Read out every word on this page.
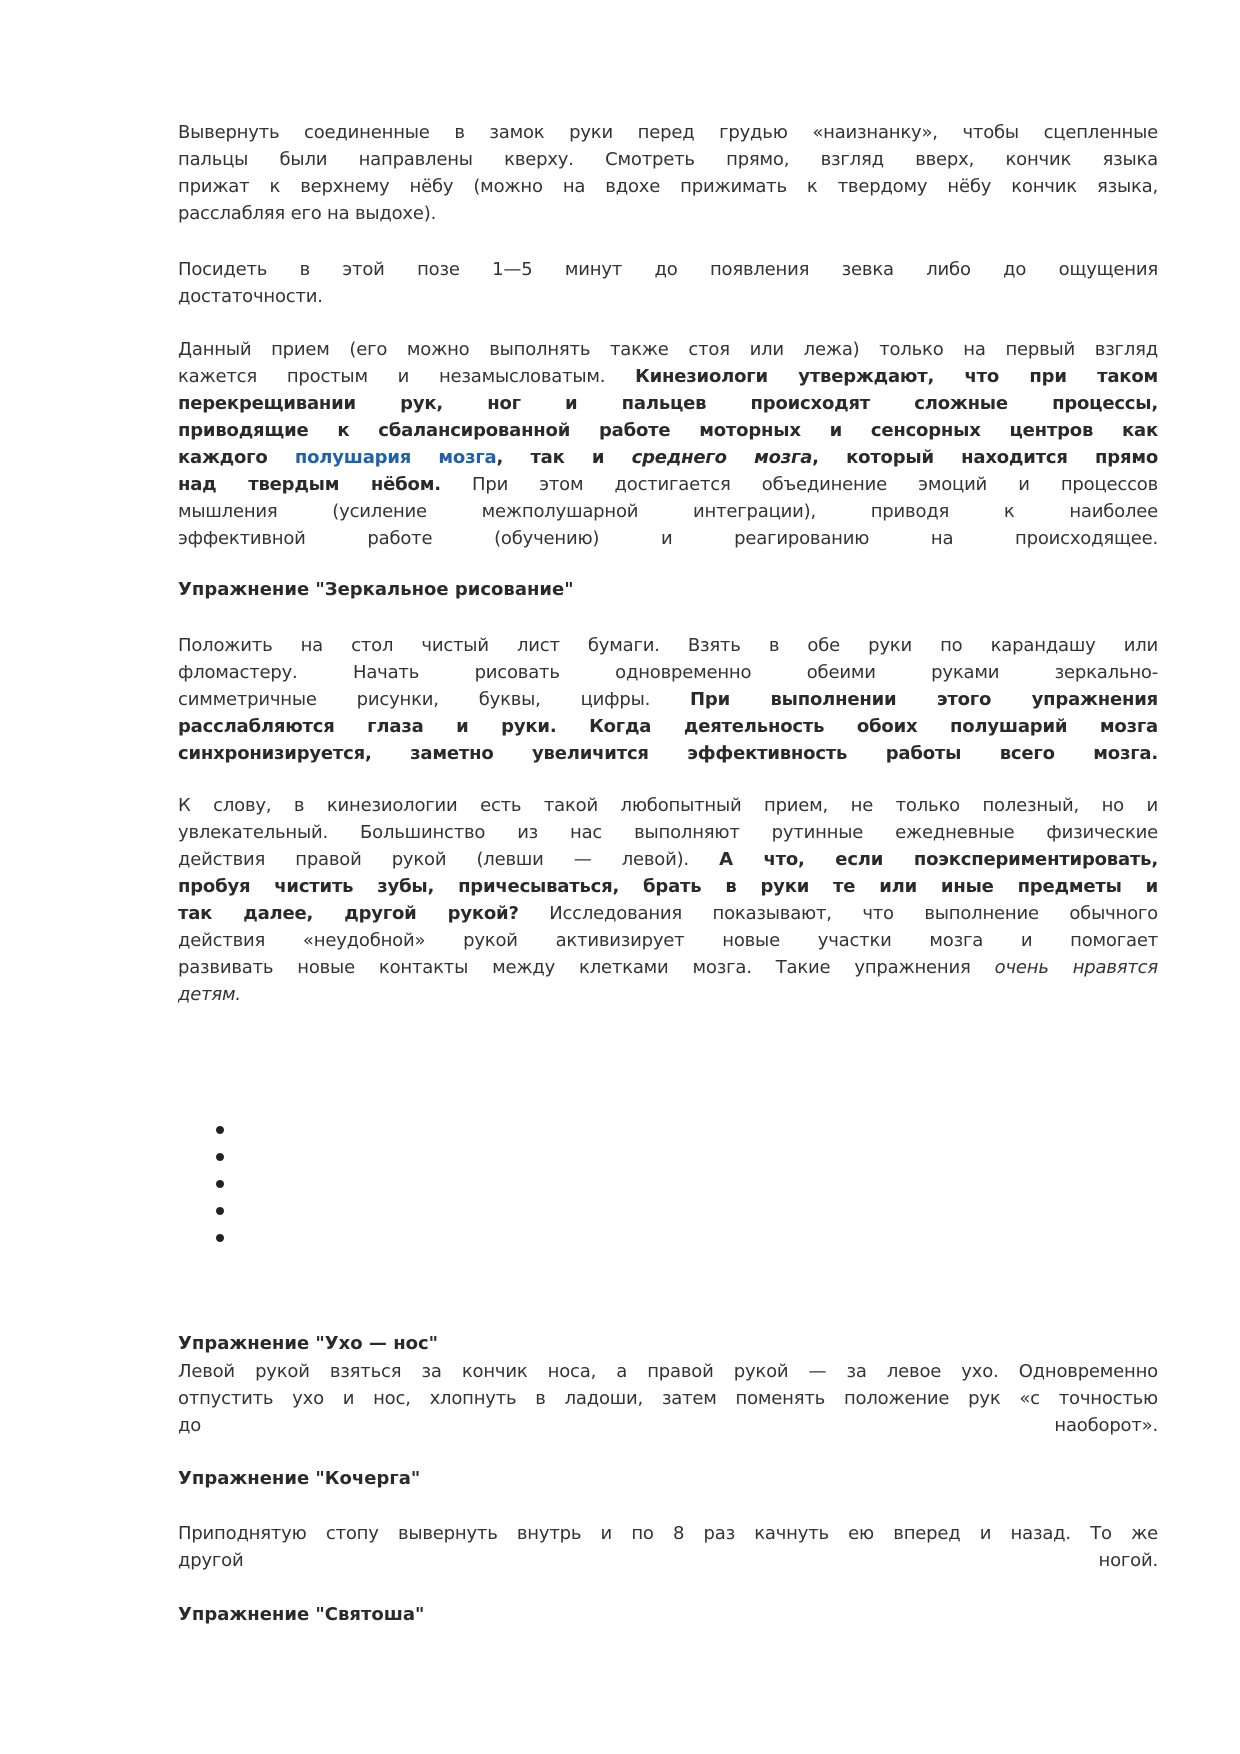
Вывернуть соединенные в замок руки перед грудью «наизнанку», чтобы сцепленные
пальцы были направлены кверху. Смотреть прямо, взгляд вверх, кончик языка
прижат к верхнему нёбу (можно на вдохе прижимать к твердому нёбу кончик языка,
расслабляя его на выдохе).
Посидеть в этой позе 1—5 минут до появления зевка либо до ощущения
достаточности.
Данный прием (его можно выполнять также стоя или лежа) только на первый взгляд
кажется простым и незамысловатым. Кинезиологи утверждают, что при таком
перекрещивании рук, ног и пальцев происходят сложные процессы,
приводящие к сбалансированной работе моторных и сенсорных центров как
каждого полушария мозга, так и среднего мозга, который находится прямо
над твердым нёбом. При этом достигается объединение эмоций и процессов
мышления (усиление межполушарной интеграции), приводя к наиболее
эффективной работе (обучению) и реагированию на происходящее.
Упражнение "Зеркальное рисование"
Положить на стол чистый лист бумаги. Взять в обе руки по карандашу или
фломастеру. Начать рисовать одновременно обеими руками зеркально-
симметричные рисунки, буквы, цифры. При выполнении этого упражнения
расслабляются глаза и руки. Когда деятельность обоих полушарий мозга
синхронизируется, заметно увеличится эффективность работы всего мозга.
К слову, в кинезиологии есть такой любопытный прием, не только полезный, но и
увлекательный. Большинство из нас выполняют рутинные ежедневные физические
действия правой рукой (левши — левой). А что, если поэкспериментировать,
пробуя чистить зубы, причесываться, брать в руки те или иные предметы и
так далее, другой рукой? Исследования показывают, что выполнение обычного
действия «неудобной» рукой активизирует новые участки мозга и помогает
развивать новые контакты между клетками мозга. Такие упражнения очень нравятся
детям.
Упражнение "Ухо — нос"
Левой рукой взяться за кончик носа, а правой рукой — за левое ухо. Одновременно
отпустить ухо и нос, хлопнуть в ладоши, затем поменять положение рук «с точностью
до наоборот».
Упражнение "Кочерга"
Приподнятую стопу вывернуть внутрь и по 8 раз качнуть ею вперед и назад. То же
другой ногой.
Упражнение "Святоша"
